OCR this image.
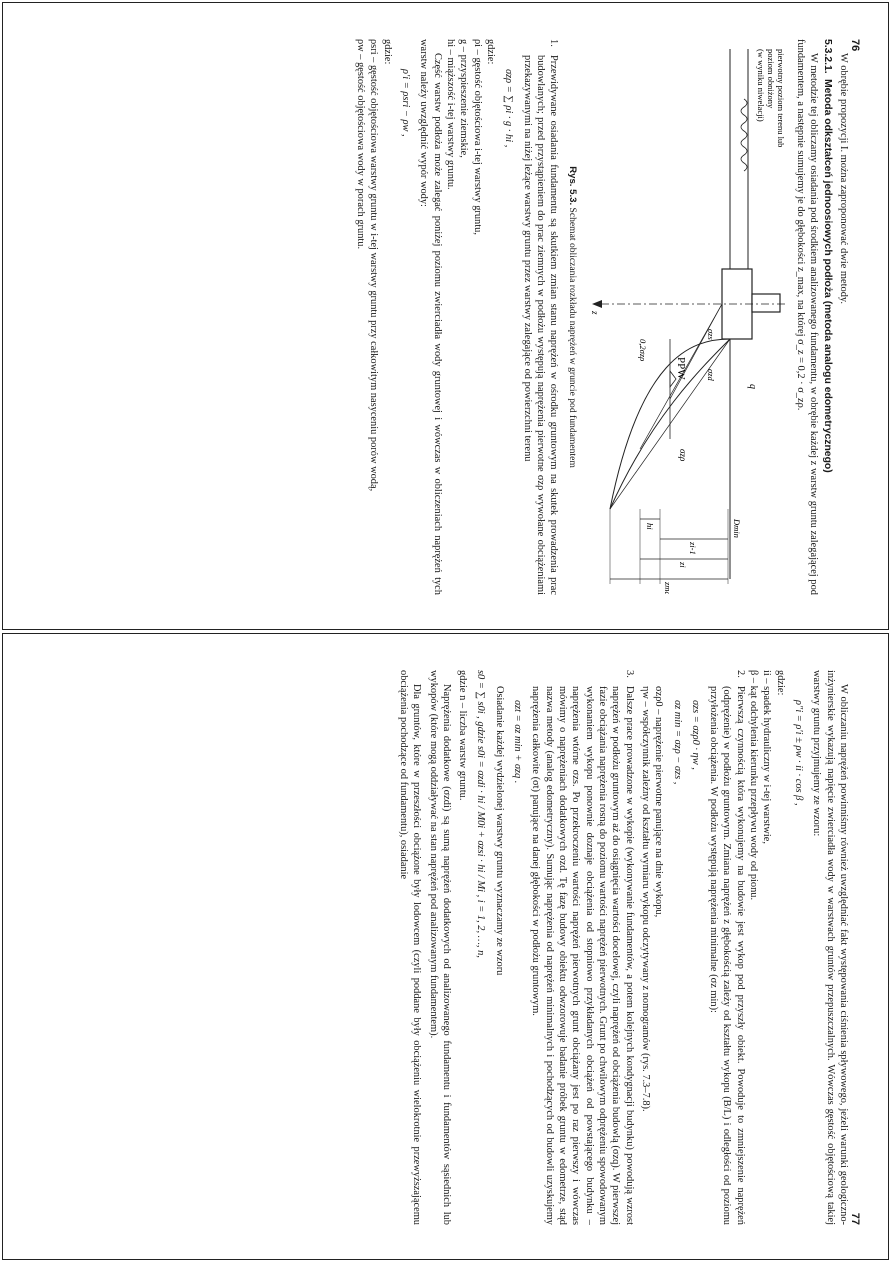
76

W obrębie propozycji I. można zaproponować dwie metody.

5.3.2.1.Metoda odkształceń jednoosiowych podłoża (metoda analogu edometrycznego)

W metodzie tej obliczamy osiadania pod środkiem analizowanego fundamentu, w obrębie każdej z warstw gruntu zalegającej pod fundamentem, a następnie sumujemy je do głębokości z_max, na której σ_z = 0,2 · σ_zρ.

pierwotny poziom terenu lub
poziom obniżony
(w wyniku niwelacji)
PPW
σzρ
0,2σzρ
σzs
σzd
q
z
hi
zi-1
zi
zmax
Dmin
Rys. 5.3. Schemat obliczania rozkładu naprężeń w gruncie pod fundamentem
1.
Przewidywane osiadania fundamentu są skutkiem zmian stanu naprężeń w ośrodku gruntowym na skutek prowadzenia prac budowlanych; przed przystąpieniem do prac ziemnych w podłożu występują naprężenia pierwotne σzρ wywołane obciążeniami przekazywanymi na niżej leżące warstwy gruntu przez warstwy zalegające od powierzchni terenu
σzρ = ∑ ρi · g · hi ,
gdzie:
ρi – gęstość objętościowa i-tej warstwy gruntu,
g – przyspieszenie ziemskie,
hi – miąższość i-tej warstwy gruntu.

Część warstw podłoża może zalegać poniżej poziomu zwierciadła wody gruntowej i wówczas w obliczeniach naprężeń tych warstw należy uwzględnić wypór wody:

ρ′i = ρsri − ρw ,
gdzie:
ρsri – gęstość objętościowa warstwy gruntu w i-tej warstwy gruntu przy całkowitym nasyceniu porów wodą,
ρw – gęstość objętościowa wody w porach gruntu.
77

W obliczaniu naprężeń powinniśmy również uwzględniać fakt występowania ciśnienia spływowego, jeżeli warunki geologiczno-inżynierskie wykazują napięcie zwierciadła wody w warstwach gruntów przepuszczalnych. Wówczas gęstość objętościową takiej warstwy gruntu przyjmujemy ze wzoru:

ρ″i = ρ′i ± ρw · ii · cos β ,
gdzie:
ii – spadek hydrauliczny w i-tej warstwie,
β – kąt odchylenia kierunku przepływu wody od pionu.
2.
Pierwszą czynnością która wykonujemy na budowie jest wykop pod przyszły obiekt. Powoduje to zmniejszenie naprężeń (odprężenie) w podłożu gruntowym. Zmiana naprężeń z głębokością zależy od kształtu wykopu (B/L) i odległości od poziomu przyłożenia obciążenia. W podłożu występują naprężenia minimalne (σz min):
σzs = σzρ0 · ηw ,
σz min = σzρ − σzs ,
σzρ0 – naprężenie pierwotne panujące na dnie wykopu,
ηw – współczynnik zależny od kształtu wymiaru wykopu odczytywany z nomogramów (rys. 7.3–7.8).
3.
Dalsze prace prowadzone w wykopie (wykonywanie fundamentów, a potem kolejnych kondygnacji budynku) powodują wzrost naprężeń w podłożu gruntowym aż do osiągnięcia wartości docelowej, czyli naprężeń od obciążenia budowlą (σzq). W pierwszej fazie obciążania naprężenia rosną do poziomu wartości naprężeń pierwotnych. Grunt po chwilowym odprężeniu spowodowanym wykonaniem wykopu ponownie doznaje obciążenia od stopniowo przykładanych obciążeń od powstającego budynku – naprężenia wtórne σzs. Po przekroczeniu wartości naprężeń pierwotnych grunt obciążany jest po raz pierwszy i wówczas mówimy o naprężeniach dodatkowych σzd. Tę fazę budowy obiektu odwzorowuje badanie próbek gruntu w edometrze, stąd nazwa metody (analog edometryczny). Sumując naprężenia od naprężeń minimalnych i pochodzących od budowli uzyskujemy naprężenia całkowite (σt) panujące na danej głębokości w podłożu gruntowym.
σzt = σz min + σzq .

Osiadanie każdej wydzielonej warstwy gruntu wyznaczamy ze wzoru

s0 = ∑ s0i , gdzie s0i = σzdi · hi / M0i + σzsi · hi / Mi , i = 1, 2, …, n,

gdzie n – liczba warstw gruntu.

Naprężenia dodatkowe (σzdi) są sumą naprężeń dodatkowych od analizowanego fundamentu i fundamentów sąsiednich lub wykopów (które mogą oddziaływać na stan naprężeń pod analizowanym fundamentem).

Dla gruntów, które w przeszłości obciążone były lodowcem (czyli poddane były obciążeniu wielokrotnie przewyższającemu obciążenia pochodzące od fundamentu), osiadanie
